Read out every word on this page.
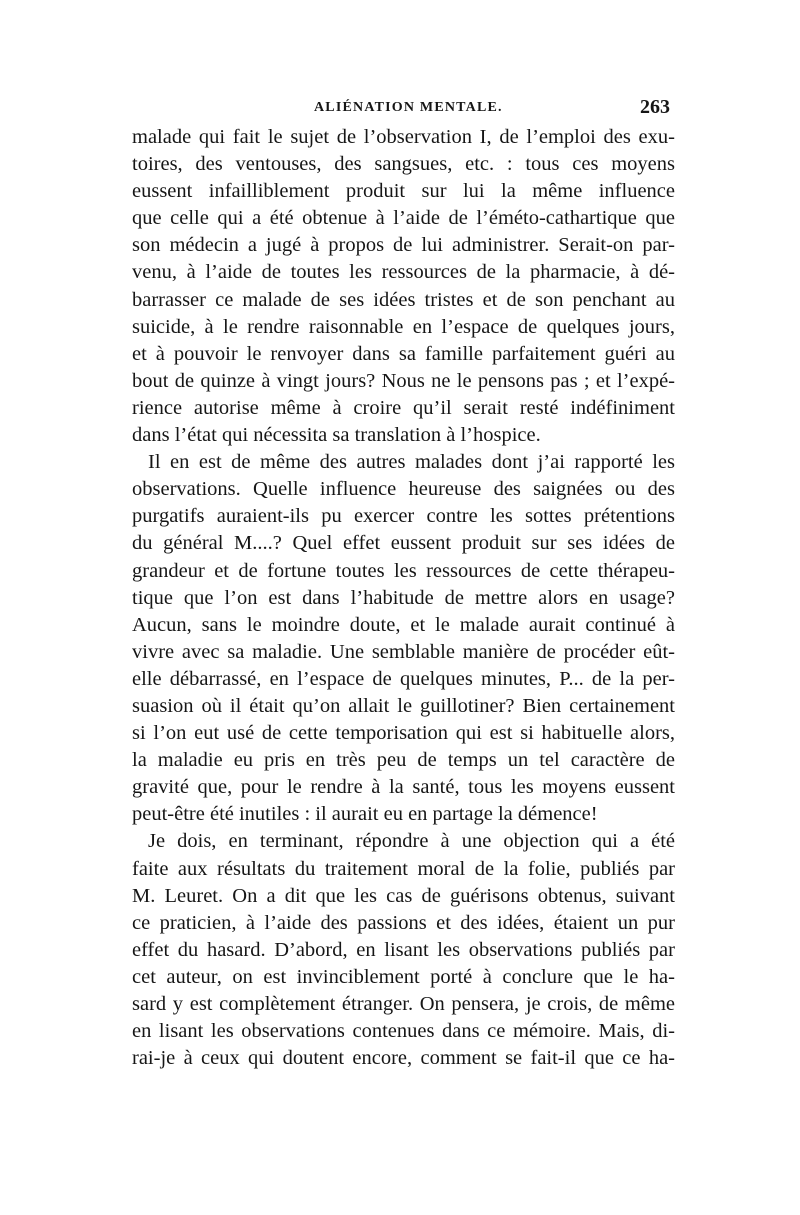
ALIÉNATION MENTALE.	263
malade qui fait le sujet de l’observation I, de l’emploi des exu-
toires, des ventouses, des sangsues, etc. : tous ces moyens
eussent infailliblement produit sur lui la même influence
que celle qui a été obtenue à l’aide de l’éméto-cathartique que
son médecin a jugé à propos de lui administrer. Serait-on par-
venu, à l’aide de toutes les ressources de la pharmacie, à dé-
barrasser ce malade de ses idées tristes et de son penchant au
suicide, à le rendre raisonnable en l’espace de quelques jours,
et à pouvoir le renvoyer dans sa famille parfaitement guéri au
bout de quinze à vingt jours? Nous ne le pensons pas ; et l’expé-
rience autorise même à croire qu’il serait resté indéfiniment
dans l’état qui nécessita sa translation à l’hospice.
Il en est de même des autres malades dont j’ai rapporté les
observations. Quelle influence heureuse des saignées ou des
purgatifs auraient-ils pu exercer contre les sottes prétentions
du général M....? Quel effet eussent produit sur ses idées de
grandeur et de fortune toutes les ressources de cette thérapeu-
tique que l’on est dans l’habitude de mettre alors en usage?
Aucun, sans le moindre doute, et le malade aurait continué à
vivre avec sa maladie. Une semblable manière de procéder eût-
elle débarrassé, en l’espace de quelques minutes, P... de la per-
suasion où il était qu’on allait le guillotiner? Bien certainement
si l’on eut usé de cette temporisation qui est si habituelle alors,
la maladie eu pris en très peu de temps un tel caractère de
gravité que, pour le rendre à la santé, tous les moyens eussent
peut-être été inutiles : il aurait eu en partage la démence!
Je dois, en terminant, répondre à une objection qui a été
faite aux résultats du traitement moral de la folie, publiés par
M. Leuret. On a dit que les cas de guérisons obtenus, suivant
ce praticien, à l’aide des passions et des idées, étaient un pur
effet du hasard. D’abord, en lisant les observations publiés par
cet auteur, on est invinciblement porté à conclure que le ha-
sard y est complètement étranger. On pensera, je crois, de même
en lisant les observations contenues dans ce mémoire. Mais, di-
rai-je à ceux qui doutent encore, comment se fait-il que ce ha-
